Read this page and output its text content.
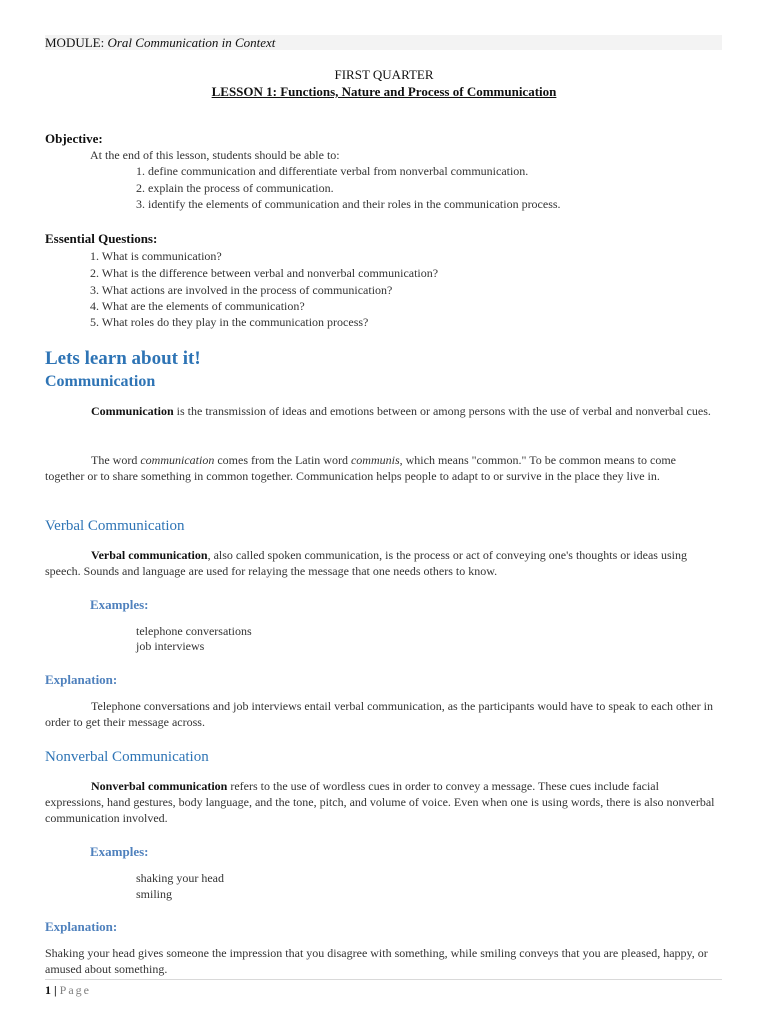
MODULE: Oral Communication in Context
FIRST QUARTER
LESSON 1: Functions, Nature and Process of Communication
Objective:
At the end of this lesson, students should be able to:
1. define communication and differentiate verbal from nonverbal communication.
2. explain the process of communication.
3. identify the elements of communication and their roles in the communication process.
Essential Questions:
1. What is communication?
2. What is the difference between verbal and nonverbal communication?
3. What actions are involved in the process of communication?
4. What are the elements of communication?
5. What roles do they play in the communication process?
Lets learn about it!
Communication
Communication is the transmission of ideas and emotions between or among persons with the use of verbal and nonverbal cues.
The word communication comes from the Latin word communis, which means "common." To be common means to come together or to share something in common together. Communication helps people to adapt to or survive in the place they live in.
Verbal Communication
Verbal communication, also called spoken communication, is the process or act of conveying one's thoughts or ideas using speech. Sounds and language are used for relaying the message that one needs others to know.
Examples:
telephone conversations
job interviews
Explanation:
Telephone conversations and job interviews entail verbal communication, as the participants would have to speak to each other in order to get their message across.
Nonverbal Communication
Nonverbal communication refers to the use of wordless cues in order to convey a message. These cues include facial expressions, hand gestures, body language, and the tone, pitch, and volume of voice. Even when one is using words, there is also nonverbal communication involved.
Examples:
shaking your head
smiling
Explanation:
Shaking your head gives someone the impression that you disagree with something, while smiling conveys that you are pleased, happy, or amused about something.
1 | Page
